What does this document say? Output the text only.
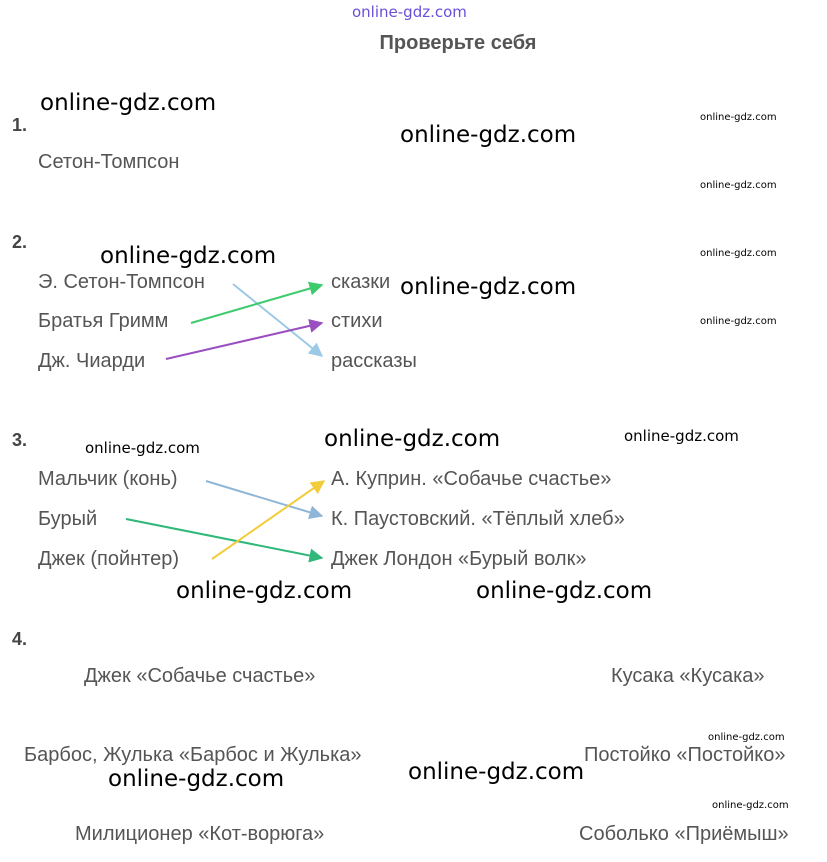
online-gdz.com
Проверьте себя
1.
Сетон-Томпсон
2.
Э. Сетон-Томпсон
Братья Гримм
Дж. Чиарди
сказки
стихи
рассказы
3.
Мальчик (конь)
Бурый
Джек (пойнтер)
А. Куприн. «Собачье счастье»
К. Паустовский. «Тёплый хлеб»
Джек Лондон «Бурый волк»
4.
Джек «Собачье счастье»
Барбос, Жулька «Барбос и Жулька»
Милиционер «Кот-ворюга»
Кусака «Кусака»
Постойко «Постойко»
Соболько «Приёмыш»
online-gdz.com
online-gdz.com
online-gdz.com
online-gdz.com
online-gdz.com	online-gdz.com
online-gdz.com
online-gdz.com
online-gdz.com	online-gdz.com	online-gdz.com
online-gdz.com	online-gdz.com
online-gdz.com
online-gdz.com	online-gdz.com
online-gdz.com
